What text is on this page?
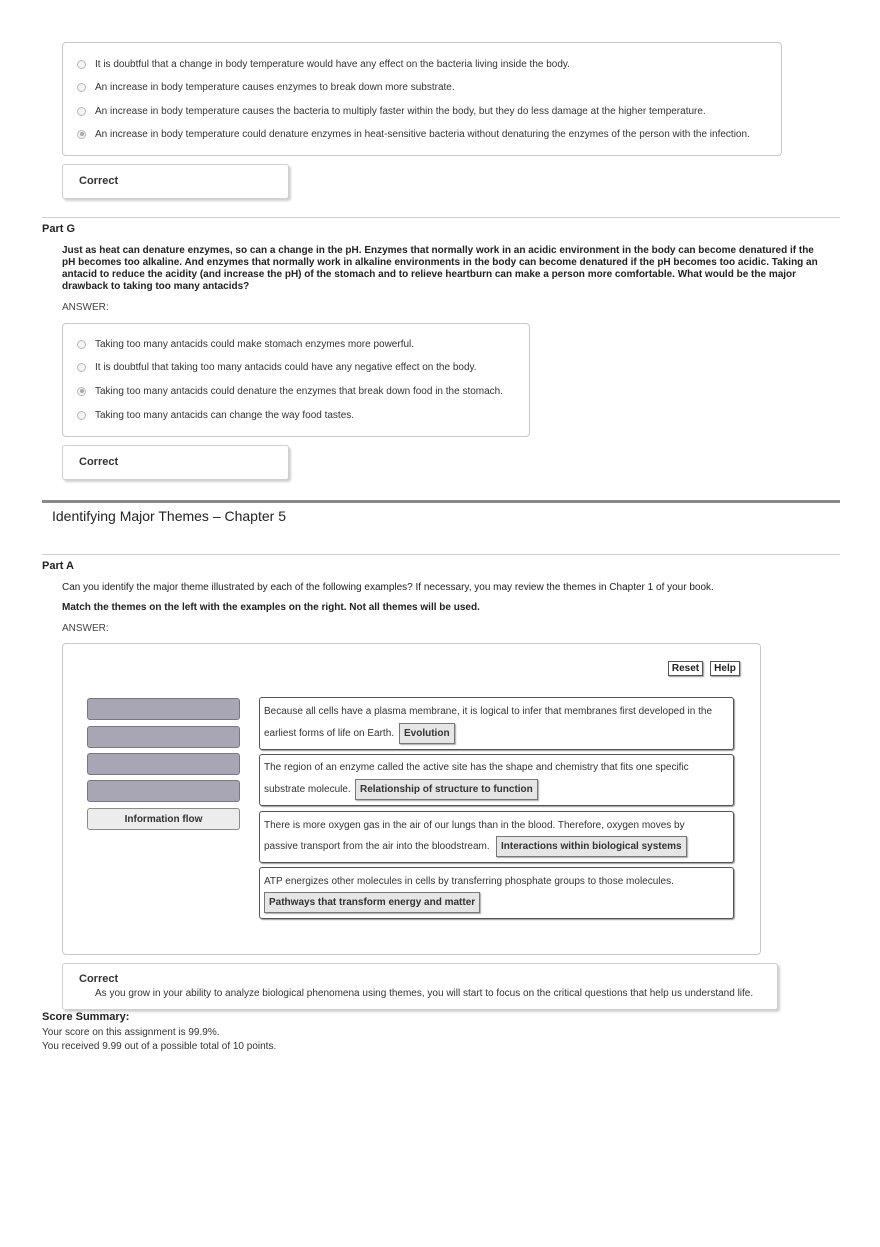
It is doubtful that a change in body temperature would have any effect on the bacteria living inside the body.
An increase in body temperature causes enzymes to break down more substrate.
An increase in body temperature causes the bacteria to multiply faster within the body, but they do less damage at the higher temperature.
An increase in body temperature could denature enzymes in heat-sensitive bacteria without denaturing the enzymes of the person with the infection.
Correct
Part G
Just as heat can denature enzymes, so can a change in the pH. Enzymes that normally work in an acidic environment in the body can become denatured if the
pH becomes too alkaline. And enzymes that normally work in alkaline environments in the body can become denatured if the pH becomes too acidic. Taking an
antacid to reduce the acidity (and increase the pH) of the stomach and to relieve heartburn can make a person more comfortable. What would be the major
drawback to taking too many antacids?
ANSWER:
Taking too many antacids could make stomach enzymes more powerful.
It is doubtful that taking too many antacids could have any negative effect on the body.
Taking too many antacids could denature the enzymes that break down food in the stomach.
Taking too many antacids can change the way food tastes.
Correct
Identifying Major Themes – Chapter 5
Part A
Can you identify the major theme illustrated by each of the following examples? If necessary, you may review the themes in Chapter 1 of your book.
Match the themes on the left with the examples on the right. Not all themes will be used.
ANSWER:
Reset	Help
Information flow
Because all cells have a plasma membrane, it is logical to infer that membranes first developed in the
earliest forms of life on Earth. Evolution
The region of an enzyme called the active site has the shape and chemistry that fits one specific
substrate molecule. Relationship of structure to function
There is more oxygen gas in the air of our lungs than in the blood. Therefore, oxygen moves by
passive transport from the air into the bloodstream.	Interactions within biological systems
ATP energizes other molecules in cells by transferring phosphate groups to those molecules.
Pathways that transform energy and matter
Correct
As you grow in your ability to analyze biological phenomena using themes, you will start to focus on the critical questions that help us understand life.
Score Summary:
Your score on this assignment is 99.9%.
You received 9.99 out of a possible total of 10 points.
